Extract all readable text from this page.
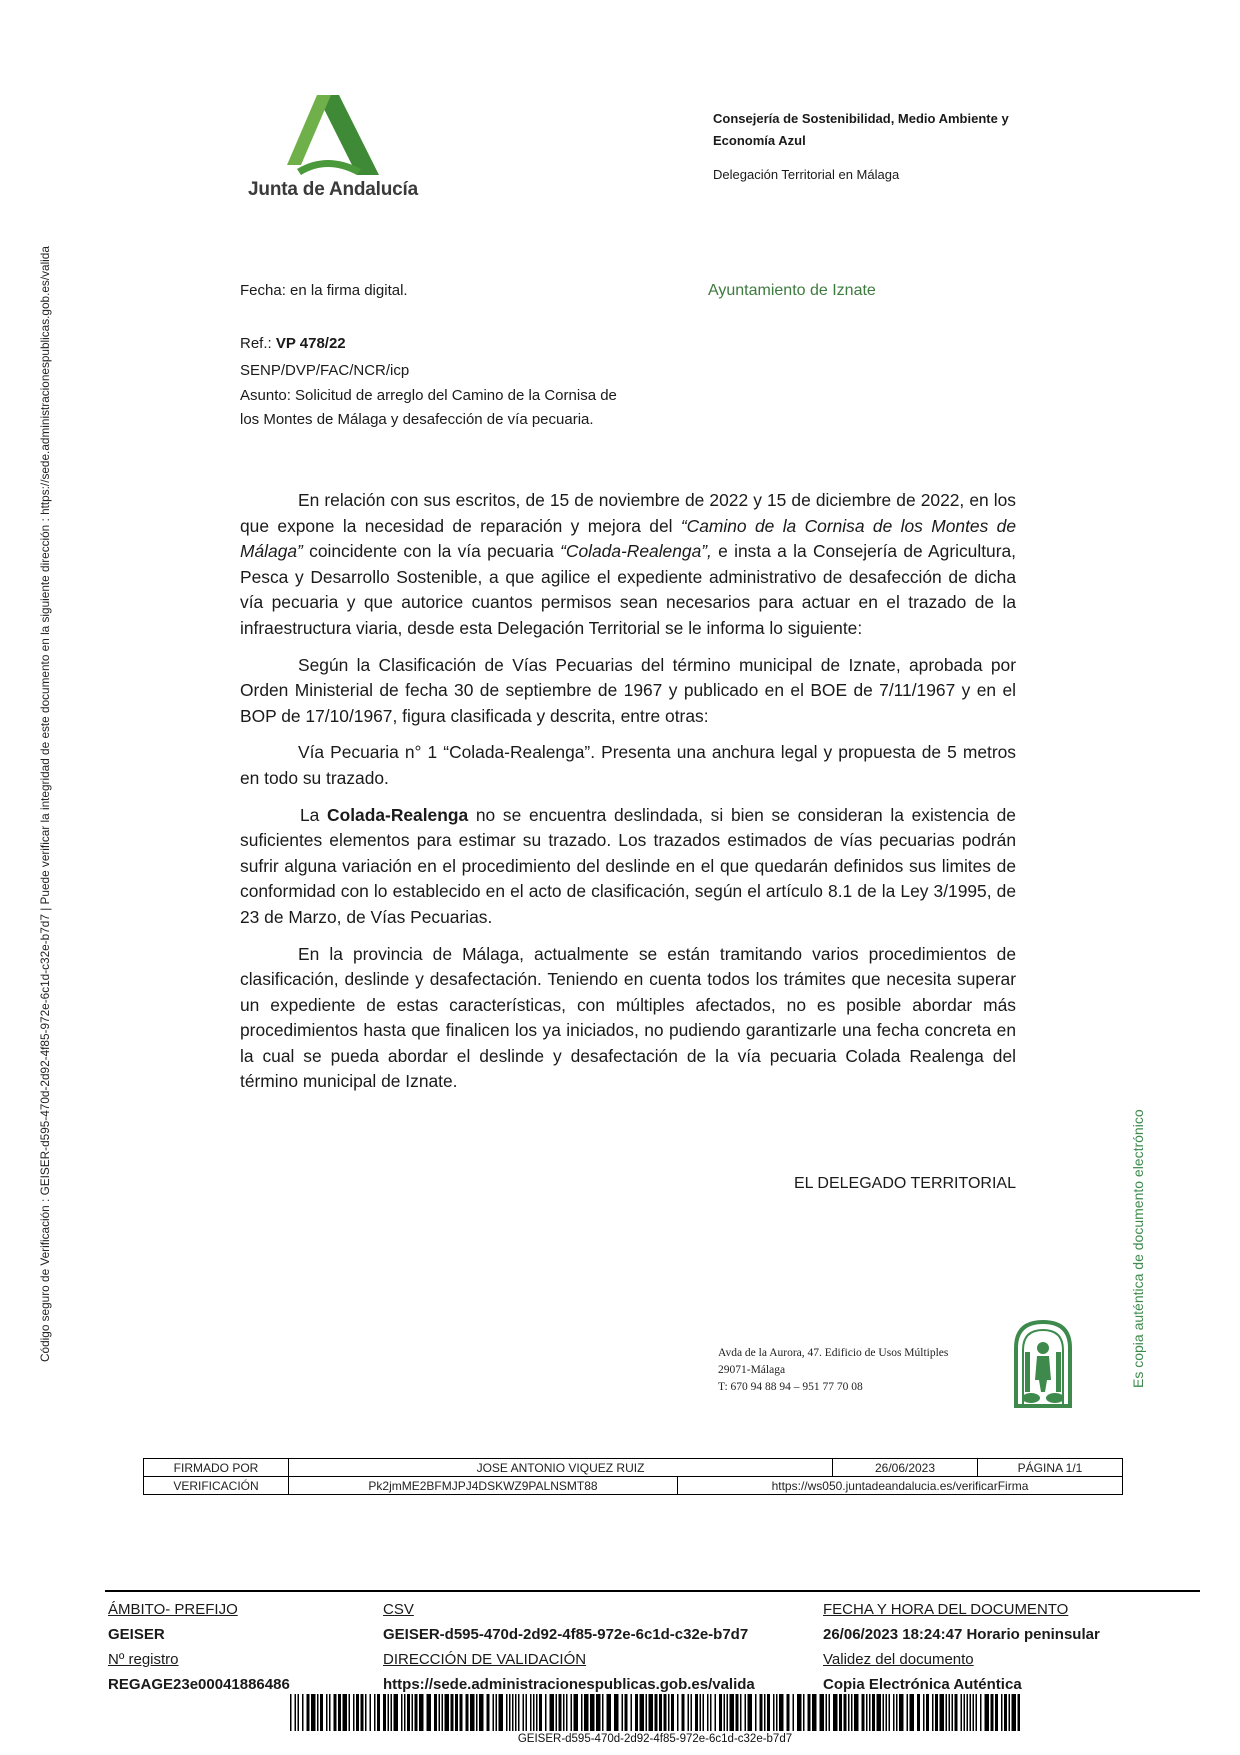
Junta de Andalucía
Consejería de Sostenibilidad, Medio Ambiente y
Economía Azul
Delegación Territorial en Málaga
Fecha: en la firma digital.	Ayuntamiento de Iznate
Ref.: VP 478/22
SENP/DVP/FAC/NCR/icp
Asunto: Solicitud de arreglo del Camino de la Cornisa de
los Montes de Málaga y desafección de vía pecuaria.

En relación con sus escritos, de 15 de noviembre de 2022 y 15 de diciembre de 2022, en los que expone la necesidad de reparación y mejora del “Camino de la Cornisa de los Montes de Málaga” coincidente con la vía pecuaria “Colada-Realenga”, e insta a la Consejería de Agricultura, Pesca y Desarrollo Sostenible, a que agilice el expediente administrativo de desafección de dicha vía pecuaria y que autorice cuantos permisos sean necesarios para actuar en el trazado de la infraestructura viaria, desde esta Delegación Territorial se le informa lo siguiente:

Según la Clasificación de Vías Pecuarias del término municipal de Iznate, aprobada por Orden Ministerial de fecha 30 de septiembre de 1967 y publicado en el BOE de 7/11/1967 y en el BOP de 17/10/1967, figura clasificada y descrita, entre otras:

Vía Pecuaria n° 1 “Colada-Realenga”. Presenta una anchura legal y propuesta de 5 metros en todo su trazado.

La Colada-Realenga no se encuentra deslindada, si bien se consideran la existencia de suficientes elementos para estimar su trazado. Los trazados estimados de vías pecuarias podrán sufrir alguna variación en el procedimiento del deslinde en el que quedarán definidos sus limites de conformidad con lo establecido en el acto de clasificación, según el artículo 8.1 de la Ley 3/1995, de 23 de Marzo, de Vías Pecuarias.

En la provincia de Málaga, actualmente se están tramitando varios procedimientos de clasificación, deslinde y desafectación. Teniendo en cuenta todos los trámites que necesita superar un expediente de estas características, con múltiples afectados, no es posible abordar más procedimientos hasta que finalicen los ya iniciados, no pudiendo garantizarle una fecha concreta en la cual se pueda abordar el deslinde y desafectación de la vía pecuaria Colada Realenga del término municipal de Iznate.

EL DELEGADO TERRITORIAL
Avda de la Aurora, 47. Edificio de Usos Múltiples
29071-Málaga
T: 670 94 88 94 – 951 77 70 08
Código seguro de Verificación : GEISER-d595-470d-2d92-4f85-972e-6c1d-c32e-b7d7 | Puede verificar la integridad de este documento en la siguiente dirección : https://sede.administracionespublicas.gob.es/valida	Es copia auténtica de documento electrónico
FIRMADO POR	JOSE ANTONIO VIQUEZ RUIZ		26/06/2023	PÁGINA 1/1
VERIFICACIÓN	Pk2jmME2BFMJPJ4DSKWZ9PALNSMT88	https://ws050.juntadeandalucia.es/verificarFirma		
ÁMBITO- PREFIJO
GEISER
Nº registro
REGAGE23e00041886486
CSV
GEISER-d595-470d-2d92-4f85-972e-6c1d-c32e-b7d7
DIRECCIÓN DE VALIDACIÓN
https://sede.administracionespublicas.gob.es/valida
FECHA Y HORA DEL DOCUMENTO
26/06/2023 18:24:47 Horario peninsular
Validez del documento
Copia Electrónica Auténtica
GEISER-d595-470d-2d92-4f85-972e-6c1d-c32e-b7d7
